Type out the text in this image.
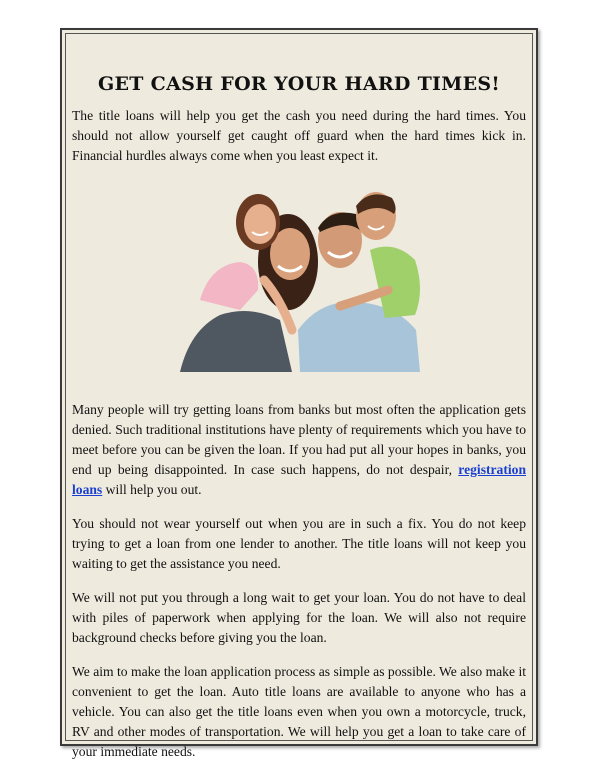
GET CASH FOR YOUR HARD TIMES!

The title loans will help you get the cash you need during the hard times. You should not allow yourself get caught off guard when the hard times kick in. Financial hurdles always come when you least expect it.

Many people will try getting loans from banks but most often the application gets denied. Such traditional institutions have plenty of requirements which you have to meet before you can be given the loan. If you had put all your hopes in banks, you end up being disappointed. In case such happens, do not despair, registration loans will help you out.

You should not wear yourself out when you are in such a fix. You do not keep trying to get a loan from one lender to another. The title loans will not keep you waiting to get the assistance you need.

We will not put you through a long wait to get your loan. You do not have to deal with piles of paperwork when applying for the loan. We will also not require background checks before giving you the loan.

We aim to make the loan application process as simple as possible. We also make it convenient to get the loan. Auto title loans are available to anyone who has a vehicle. You can also get the title loans even when you own a motorcycle, truck, RV and other modes of transportation. We will help you get a loan to take care of your immediate needs.
